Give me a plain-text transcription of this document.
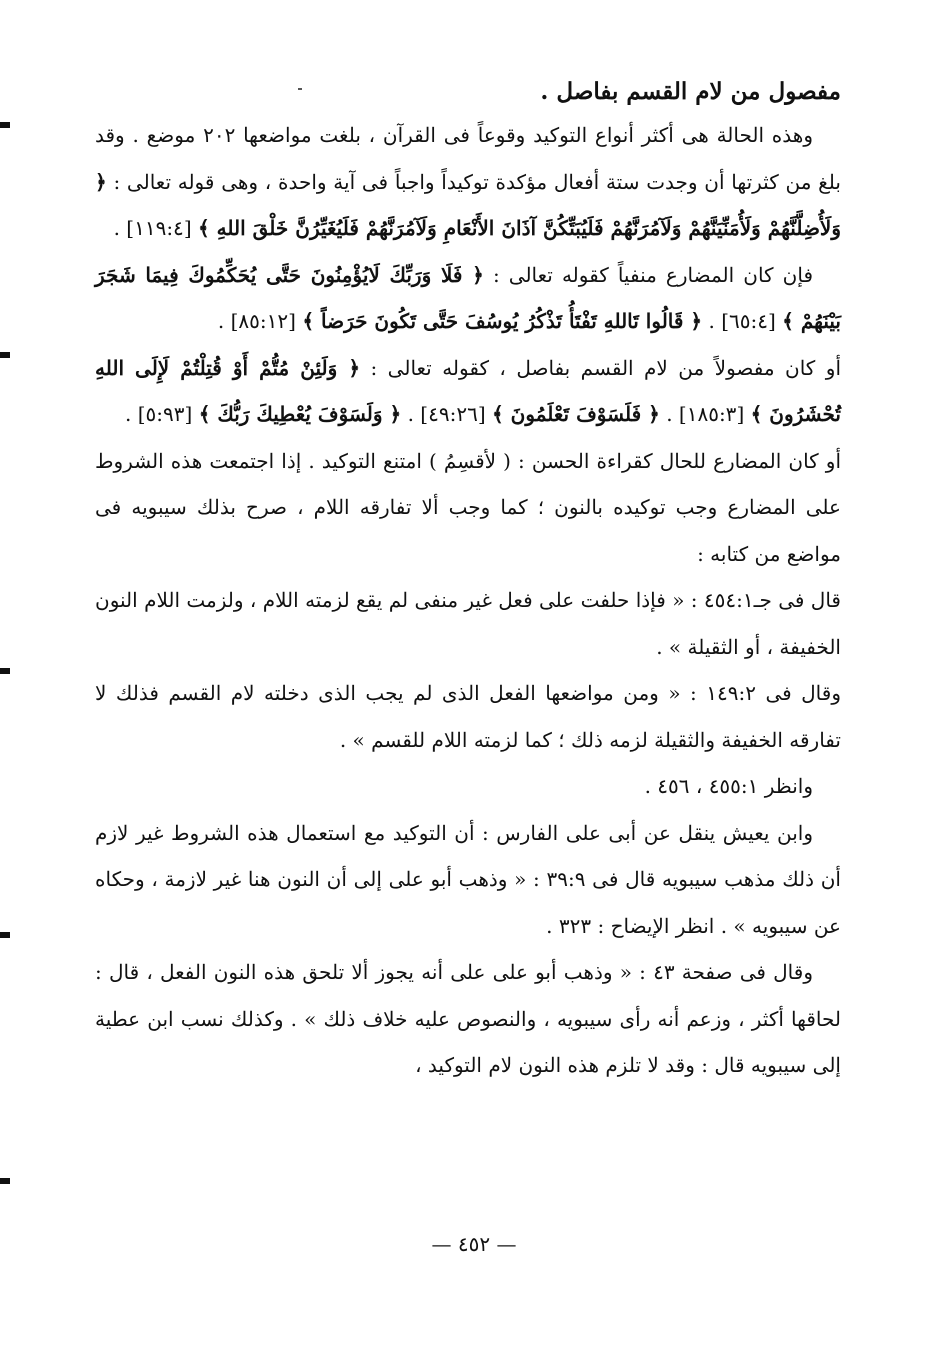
مفصول من لام القسم بفاصل .

وهذه الحالة هى أكثر أنواع التوكيد وقوعاً فى القرآن ، بلغت مواضعها ٢٠٢ موضع . وقد بلغ من كثرتها أن وجدت ستة أفعال مؤكدة توكيداً واجباً فى آية واحدة ، وهى قوله تعالى : ﴿ وَلَأُضِلَّنَّهُمْ وَلَأُمَنِّيَنَّهُمْ وَلَآمُرَنَّهُمْ فَلَيُبَتِّكُنَّ آذَانَ الأَنْعَامِ وَلَآمُرَنَّهُمْ فَلَيُغَيِّرُنَّ خَلْقَ اللهِ ﴾ [١١٩:٤] .

فإن كان المضارع منفياً كقوله تعالى : ﴿ فَلَا وَرَبِّكَ لَايُؤْمِنُونَ حَتَّى يُحَكِّمُوكَ فِيمَا شَجَرَ بَيْنَهُمْ ﴾ [٦٥:٤] . ﴿ قَالُوا تَاللهِ تَفْتَأُ تَذْكُرُ يُوسُفَ حَتَّى تَكُونَ حَرَضاً ﴾ [٨٥:١٢] .

أو كان مفصولاً من لام القسم بفاصل ، كقوله تعالى : ﴿ وَلَئِنْ مُتُّمْ أَوْ قُتِلْتُمْ لَإِلَى اللهِ تُحْشَرُونَ ﴾ [١٨٥:٣] . ﴿ فَلَسَوْفَ تَعْلَمُونَ ﴾ [٤٩:٢٦] . ﴿ وَلَسَوْفَ يُعْطِيكَ رَبُّكَ ﴾ [٥:٩٣] .

أو كان المضارع للحال كقراءة الحسن : ( لأقسِمُ ) امتنع التوكيد . إذا اجتمعت هذه الشروط على المضارع وجب توكيده بالنون ؛ كما وجب ألا تفارقه اللام ، صرح بذلك سيبويه فى مواضع من كتابه :

قال فى جـ٤٥٤:١ : « فإذا حلفت على فعل غير منفى لم يقع لزمته اللام ، ولزمت اللام النون الخفيفة ، أو الثقيلة » .

وقال فى ١٤٩:٢ : « ومن مواضعها الفعل الذى لم يجب الذى دخلته لام القسم فذلك لا تفارقه الخفيفة والثقيلة لزمه ذلك ؛ كما لزمته اللام للقسم » .

وانظر ٤٥٥:١ ، ٤٥٦ .

وابن يعيش ينقل عن أبى على الفارس : أن التوكيد مع استعمال هذه الشروط غير لازم أن ذلك مذهب سيبويه قال فى ٣٩:٩ : « وذهب أبو على إلى أن النون هنا غير لازمة ، وحكاه عن سيبويه » . انظر الإيضاح : ٣٢٣ .

وقال فى صفحة ٤٣ : « وذهب أبو على على أنه يجوز ألا تلحق هذه النون الفعل ، قال : لحاقها أكثر ، وزعم أنه رأى سيبويه ، والنصوص عليه خلاف ذلك » . وكذلك نسب ابن عطية إلى سيبويه قال : وقد لا تلزم هذه النون لام التوكيد ،

— ٤٥٢ —
